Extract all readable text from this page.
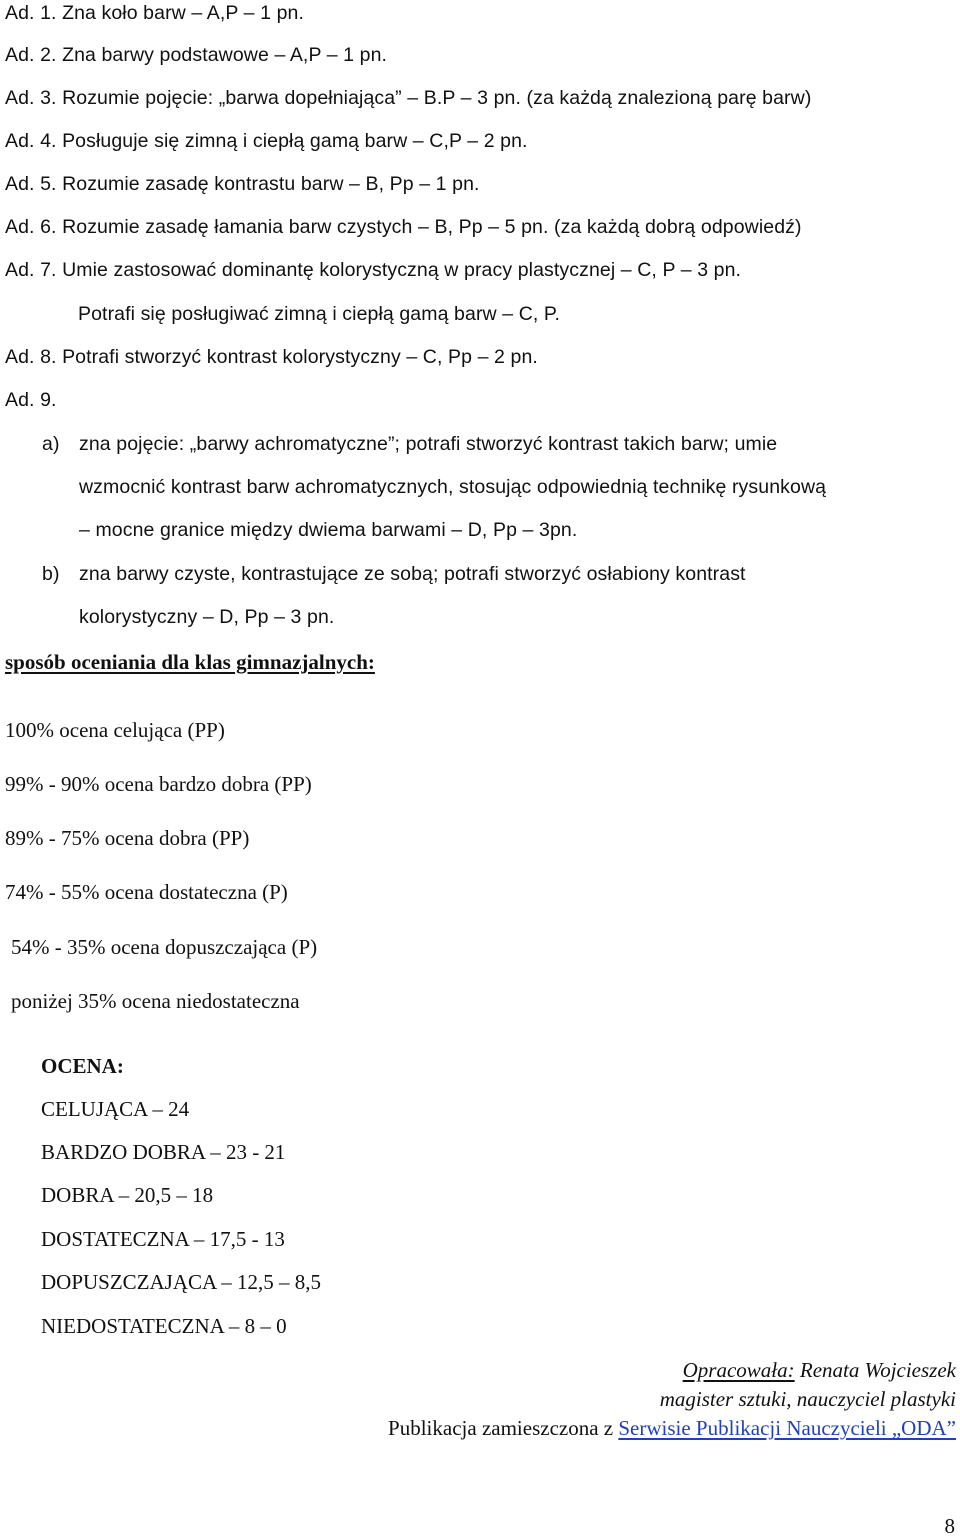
Ad. 1. Zna koło barw – A,P – 1 pn.
Ad. 2. Zna barwy podstawowe – A,P – 1 pn.
Ad. 3. Rozumie pojęcie: „barwa dopełniająca” – B.P – 3 pn. (za każdą znalezioną parę barw)
Ad. 4. Posługuje się zimną i ciepłą gamą barw – C,P – 2 pn.
Ad. 5. Rozumie zasadę kontrastu barw – B, Pp – 1 pn.
Ad. 6. Rozumie zasadę łamania barw czystych – B, Pp – 5 pn. (za każdą dobrą odpowiedź)
Ad. 7. Umie zastosować dominantę kolorystyczną w pracy plastycznej – C, P – 3 pn.
Potrafi się posługiwać zimną i ciepłą gamą barw – C, P.
Ad. 8. Potrafi stworzyć kontrast kolorystyczny – C, Pp – 2 pn.
Ad. 9.
a) zna pojęcie: „barwy achromatyczne”; potrafi stworzyć kontrast takich barw; umie
wzmocnić kontrast barw achromatycznych, stosując odpowiednią technikę rysunkową
– mocne granice między dwiema barwami – D, Pp – 3pn.
b) zna barwy czyste, kontrastujące ze sobą; potrafi stworzyć osłabiony kontrast
kolorystyczny – D, Pp – 3 pn.
sposób oceniania dla klas gimnazjalnych:
100% ocena celująca (PP)
99% - 90% ocena bardzo dobra (PP)
89% - 75% ocena dobra (PP)
74% - 55% ocena dostateczna (P)
54% - 35% ocena dopuszczająca (P)
poniżej 35% ocena niedostateczna
OCENA:
CELUJĄCA – 24
BARDZO DOBRA – 23 - 21
DOBRA – 20,5 – 18
DOSTATECZNA – 17,5 - 13
DOPUSZCZAJĄCA – 12,5 – 8,5
NIEDOSTATECZNA – 8 – 0
Opracowała: Renata Wojcieszek
magister sztuki, nauczyciel plastyki
Publikacja zamieszczona z Serwisie Publikacji Nauczycieli „ODA”
8
